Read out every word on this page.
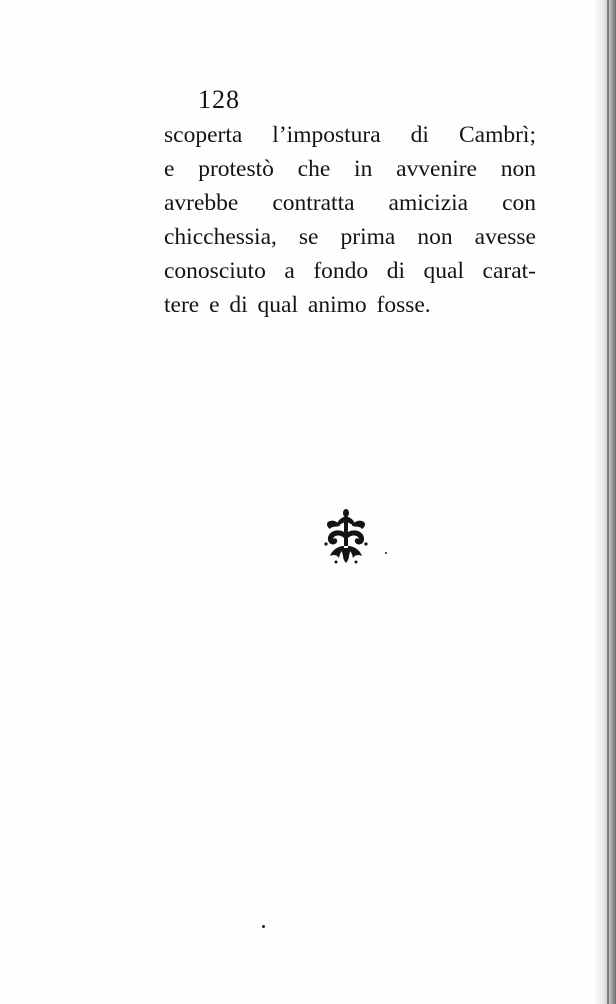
128

scoperta l’impostura di Cambrì;
e protestò che in avvenire non
avrebbe contratta amicizia con
chicchessia, se prima non avesse
conosciuto a fondo di qual carat-
tere e di qual animo fosse.
